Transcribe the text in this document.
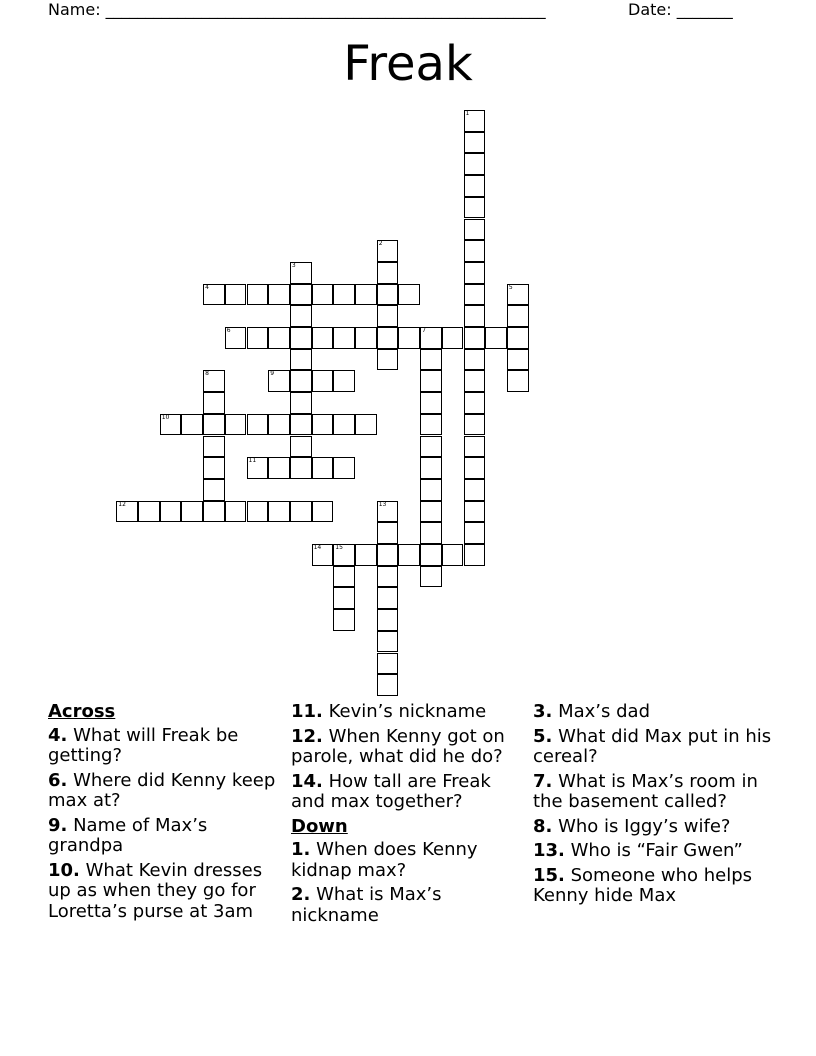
Name: _______________________________________________________	Date: _______
Freak
1
2
3
4	5
6	7
8	9
10
11
12	13
14 15
Across
4. What will Freak be getting?
6. Where did Kenny keep max at?
9. Name of Max’s grandpa
10. What Kevin dresses up as when they go for Loretta’s purse at 3am
11. Kevin’s nickname
12. When Kenny got on parole, what did he do?
14. How tall are Freak and max together?
Down
1. When does Kenny kidnap max?
2. What is Max’s nickname
3. Max’s dad
5. What did Max put in his cereal?
7. What is Max’s room in the basement called?
8. Who is Iggy’s wife?
13. Who is “Fair Gwen”
15. Someone who helps Kenny hide Max
